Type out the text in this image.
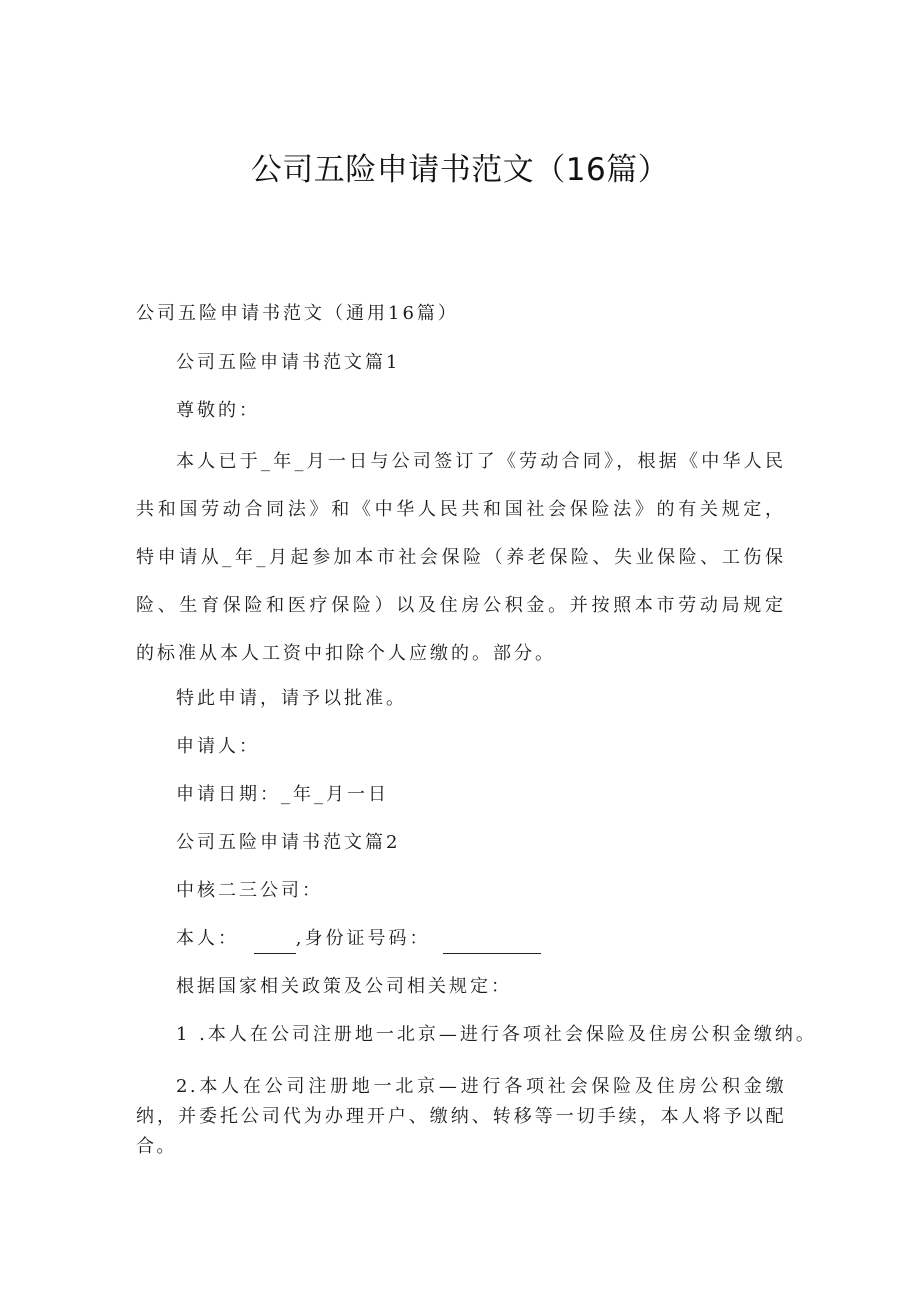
公司五险申请书范文（16篇）

公司五险申请书范文（通用16篇）

公司五险申请书范文篇1

尊敬的：

本人已于_年_月一日与公司签订了《劳动合同》，根据《中华人民共和国劳动合同法》和《中华人民共和国社会保险法》的有关规定，特申请从_年_月起参加本市社会保险（养老保险、失业保险、工伤保险、生育保险和医疗保险）以及住房公积金。并按照本市劳动局规定的标准从本人工资中扣除个人应缴的。部分。

特此申请，请予以批准。

申请人：

申请日期：_年_月一日

公司五险申请书范文篇2

中核二三公司：

本人：	,身份证号码：

根据国家相关政策及公司相关规定：

1 .本人在公司注册地一北京—进行各项社会保险及住房公积金缴纳。

2.本人在公司注册地一北京—进行各项社会保险及住房公积金缴纳，并委托公司代为办理开户、缴纳、转移等一切手续，本人将予以配合。
